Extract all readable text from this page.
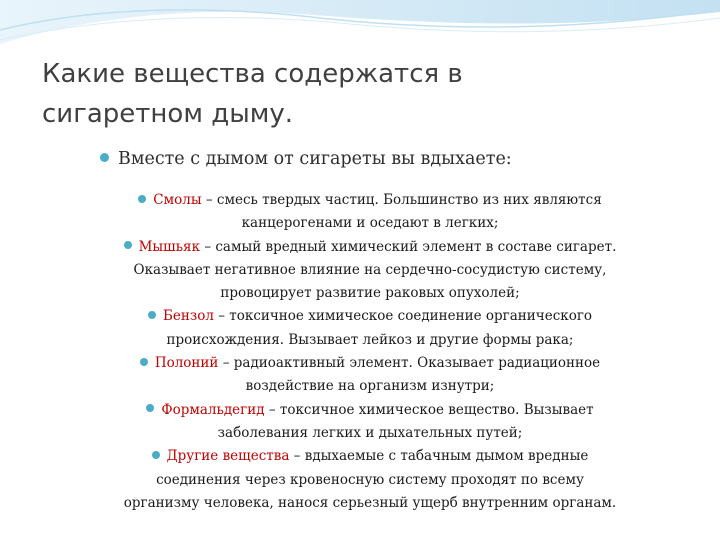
Какие вещества содержатся в
сигаретном дыму.
Вместе с дымом от сигареты вы вдыхаете:

Смолы – смесь твердых частиц. Большинство из них являются
канцерогенами и оседают в легких;

Мышьяк – самый вредный химический элемент в составе сигарет.
Оказывает негативное влияние на сердечно-сосудистую систему,
провоцирует развитие раковых опухолей;

Бензол – токсичное химическое соединение органического
происхождения. Вызывает лейкоз и другие формы рака;

Полоний – радиоактивный элемент. Оказывает радиационное
воздействие на организм изнутри;

Формальдегид – токсичное химическое вещество. Вызывает
заболевания легких и дыхательных путей;

Другие вещества – вдыхаемые с табачным дымом вредные
соединения через кровеносную систему проходят по всему
организму человека, нанося серьезный ущерб внутренним органам.
